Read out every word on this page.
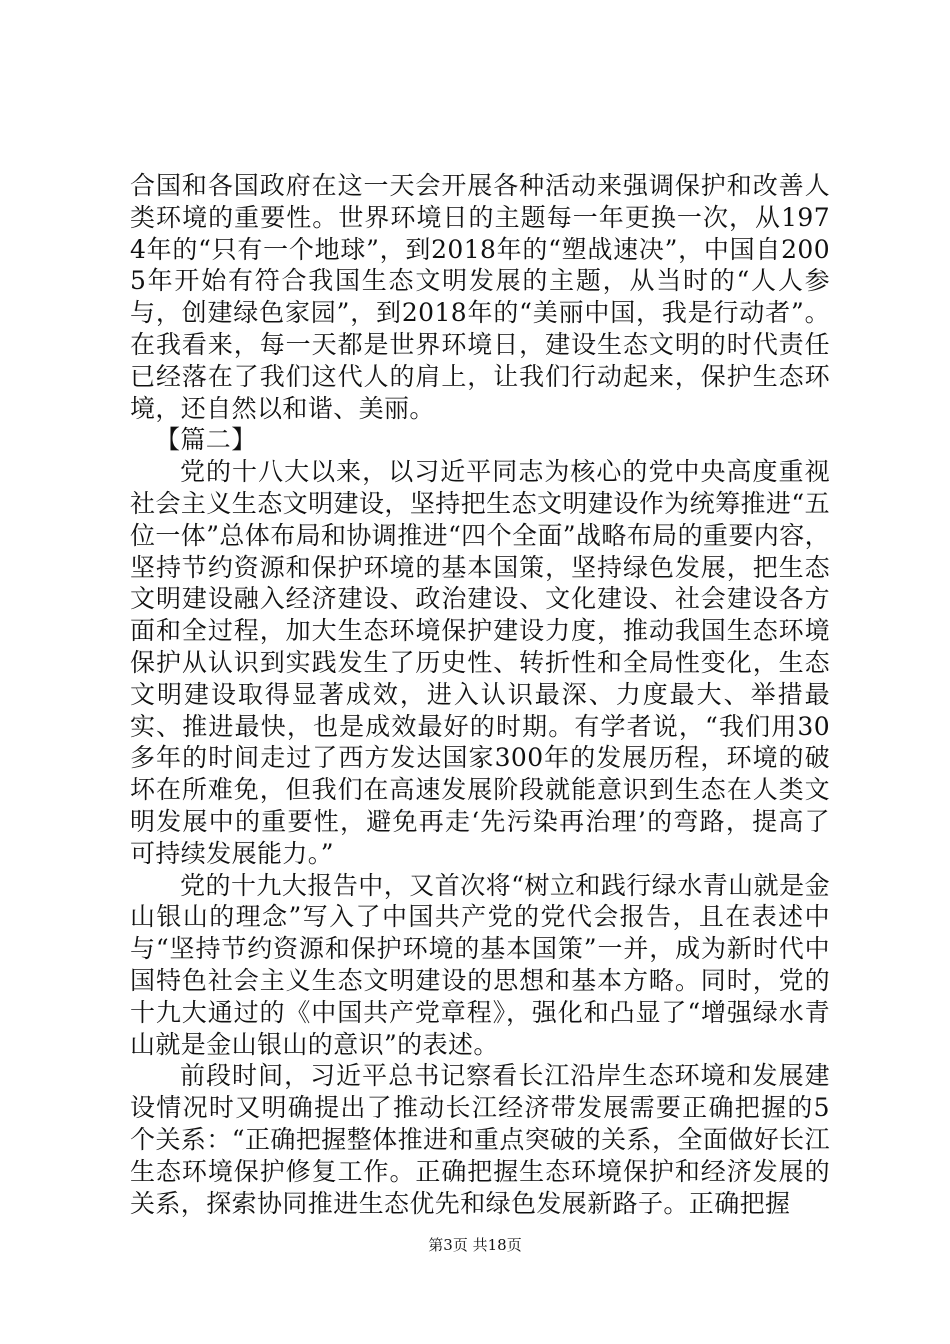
合国和各国政府在这一天会开展各种活动来强调保护和改善人类环境的重要性。世界环境日的主题每一年更换一次，从1974年的“只有一个地球”，到2018年的“塑战速决”，中国自2005年开始有符合我国生态文明发展的主题，从当时的“人人参与，创建绿色家园”，到2018年的“美丽中国，我是行动者”。在我看来，每一天都是世界环境日，建设生态文明的时代责任已经落在了我们这代人的肩上，让我们行动起来，保护生态环境，还自然以和谐、美丽。

【篇二】

党的十八大以来，以习近平同志为核心的党中央高度重视社会主义生态文明建设，坚持把生态文明建设作为统筹推进“五位一体”总体布局和协调推进“四个全面”战略布局的重要内容，坚持节约资源和保护环境的基本国策，坚持绿色发展，把生态文明建设融入经济建设、政治建设、文化建设、社会建设各方面和全过程，加大生态环境保护建设力度，推动我国生态环境保护从认识到实践发生了历史性、转折性和全局性变化，生态文明建设取得显著成效，进入认识最深、力度最大、举措最实、推进最快，也是成效最好的时期。有学者说，“我们用30多年的时间走过了西方发达国家300年的发展历程，环境的破坏在所难免，但我们在高速发展阶段就能意识到生态在人类文明发展中的重要性，避免再走‘先污染再治理’的弯路，提高了可持续发展能力。”

党的十九大报告中，又首次将“树立和践行绿水青山就是金山银山的理念”写入了中国共产党的党代会报告，且在表述中与“坚持节约资源和保护环境的基本国策”一并，成为新时代中国特色社会主义生态文明建设的思想和基本方略。同时，党的十九大通过的《中国共产党章程》，强化和凸显了“增强绿水青山就是金山银山的意识”的表述。

前段时间，习近平总书记察看长江沿岸生态环境和发展建设情况时又明确提出了推动长江经济带发展需要正确把握的5个关系：“正确把握整体推进和重点突破的关系，全面做好长江生态环境保护修复工作。正确把握生态环境保护和经济发展的关系，探索协同推进生态优先和绿色发展新路子。正确把握

第3页 共18页
